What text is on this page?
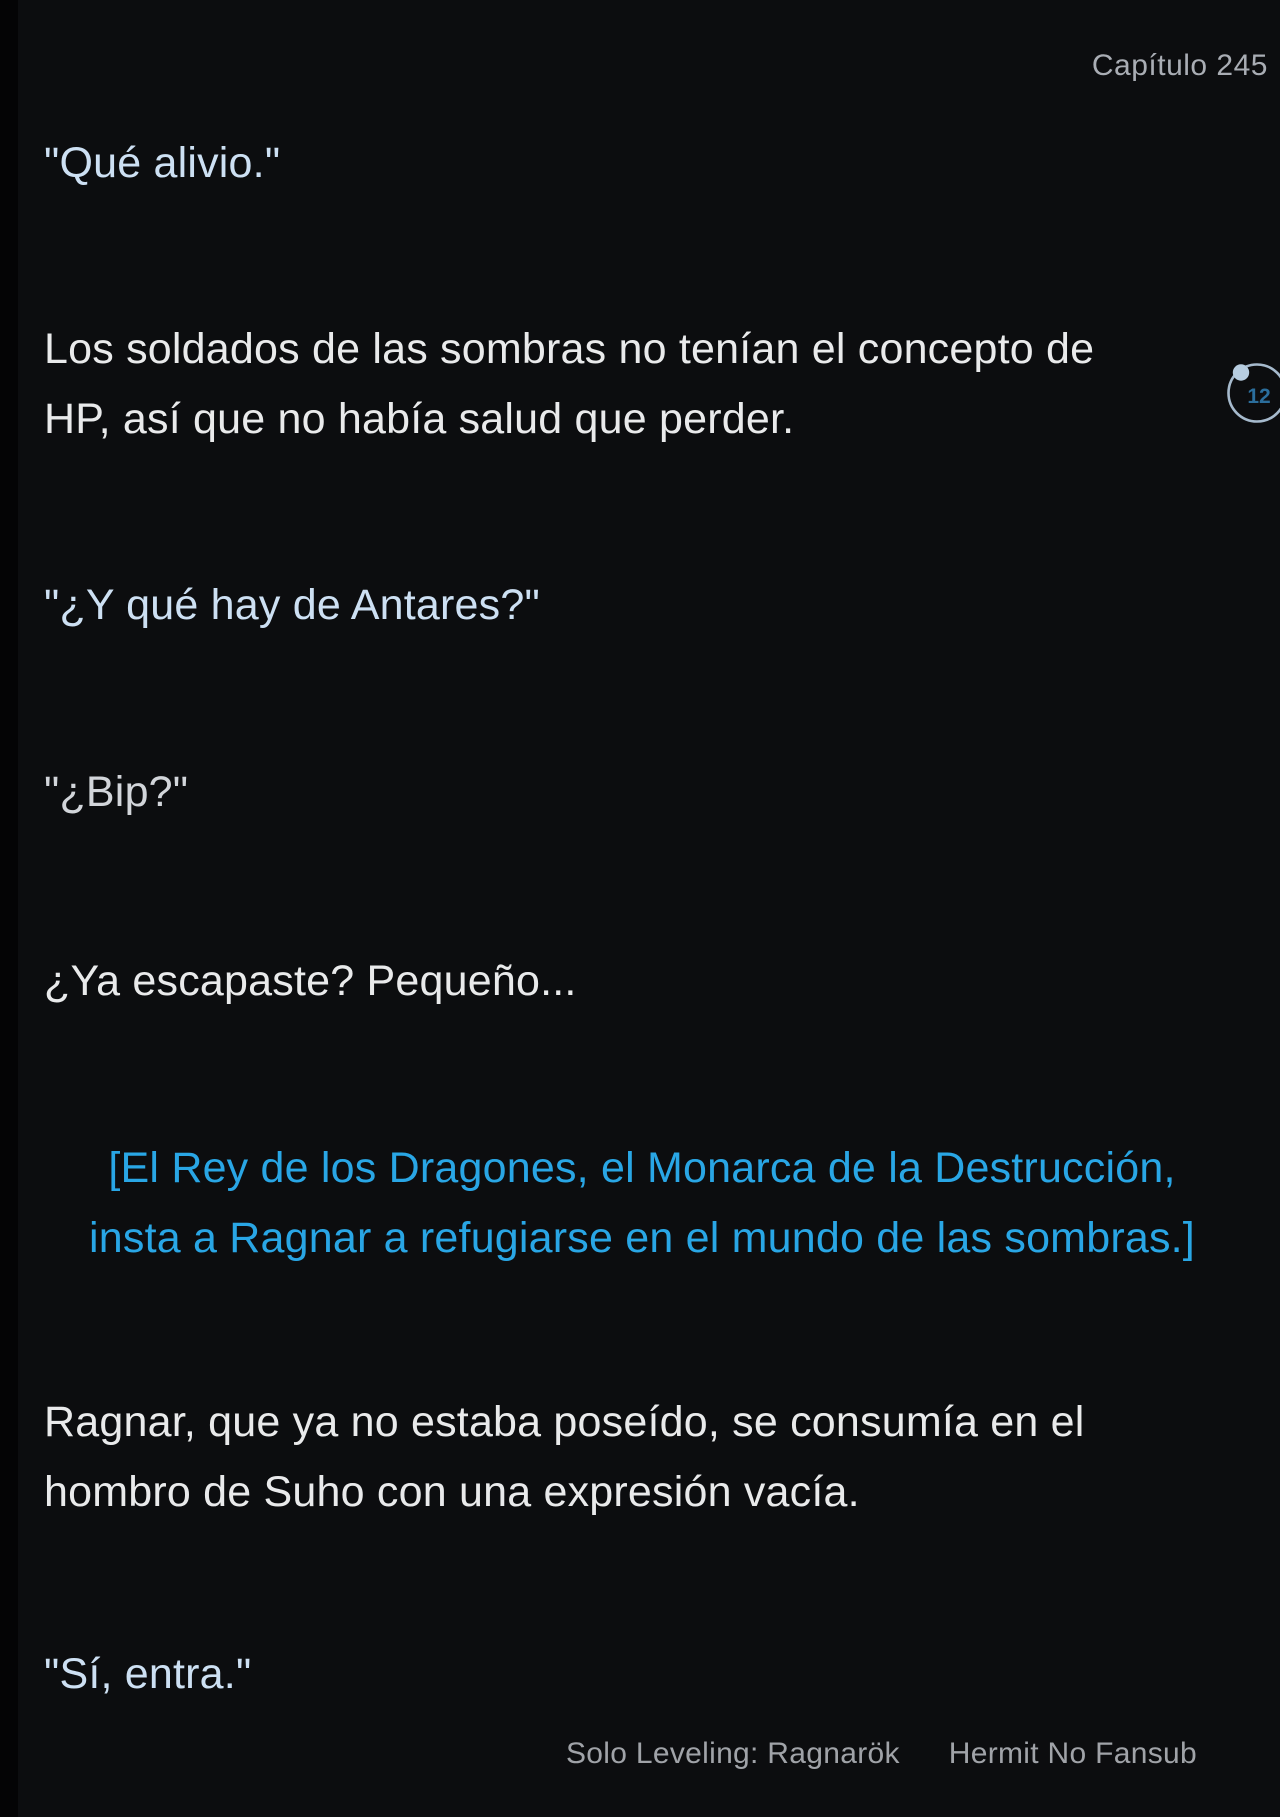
Capítulo 245

"Qué alivio."

Los soldados de las sombras no tenían el concepto de
HP, así que no había salud que perder.

"¿Y qué hay de Antares?"

"¿Bip?"

¿Ya escapaste? Pequeño...

[El Rey de los Dragones, el Monarca de la Destrucción,
insta a Ragnar a refugiarse en el mundo de las sombras.]

Ragnar, que ya no estaba poseído, se consumía en el
hombro de Suho con una expresión vacía.

"Sí, entra."

Solo Leveling: Ragnarök Hermit No Fansub
12
